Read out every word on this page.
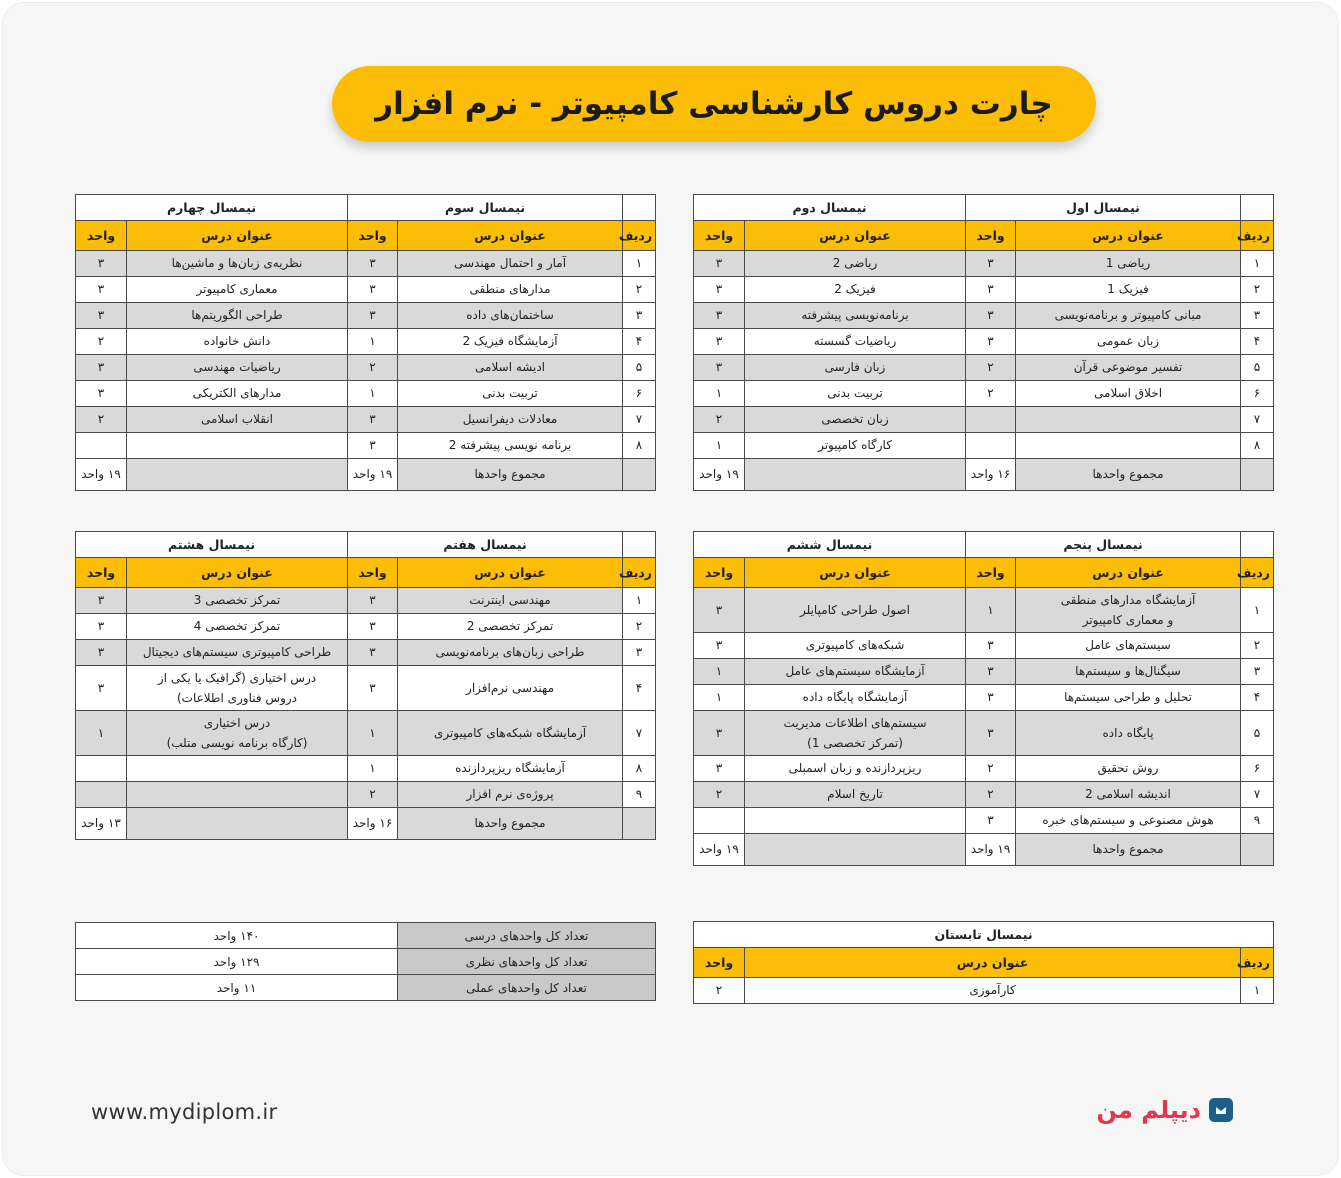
چارت دروس کارشناسی کامپیوتر - نرم افزار
	نیمسال اول		نیمسال دوم	
ردیف	عنوان درس	واحد	عنوان درس	واحد
۱	ریاضی 1	۳	ریاضی 2	۳
۲	فیزیک 1	۳	فیزیک 2	۳
۳	مبانی کامپیوتر و برنامه‌نویسی	۳	برنامه‌نویسی پیشرفته	۳
۴	زبان عمومی	۳	ریاضیات گسسته	۳
۵	تفسیر موضوعی قرآن	۲	زبان فارسی	۳
۶	اخلاق اسلامی	۲	تربیت بدنی	۱
۷			زبان تخصصی	۲
۸			کارگاه کامپیوتر	۱
	مجموع واحدها	۱۶ واحد		۱۹ واحد
	نیمسال سوم		نیمسال چهارم	
ردیف	عنوان درس	واحد	عنوان درس	واحد
۱	آمار و احتمال مهندسی	۳	نظریه‌ی زبان‌ها و ماشین‌ها	۳
۲	مدارهای منطقی	۳	معماری کامپیوتر	۳
۳	ساختمان‌های داده	۳	طراحی الگوریتم‌ها	۳
۴	آزمایشگاه فیزیک 2	۱	دانش خانواده	۲
۵	ادیشه اسلامی	۲	ریاضیات مهندسی	۳
۶	تربیت بدنی	۱	مدارهای الکتریکی	۳
۷	معادلات دیفرانسیل	۳	انقلاب اسلامی	۲
۸	برنامه نویسی پیشرفته 2	۳		
	مجموع واحدها	۱۹ واحد		۱۹ واحد
	نیمسال پنجم		نیمسال ششم	
ردیف	عنوان درس	واحد	عنوان درس	واحد
۱	آزمایشگاه مدارهای منطقی
و معماری کامپیوتر	۱	اصول طراحی کامپایلر	۳
۲	سیستم‌های عامل	۳	شبکه‌های کامپیوتری	۳
۳	سیگنال‌ها و سیستم‌ها	۳	آزمایشگاه سیستم‌های عامل	۱
۴	تحلیل و طراحی سیستم‌ها	۳	آزمایشگاه پایگاه داده	۱
۵	پایگاه داده	۳	سیستم‌های اطلاعات مدیریت
(تمرکز تخصصی 1)	۳
۶	روش تحقیق	۲	ریزپردازنده و زبان اسمبلی	۳
۷	اندیشه اسلامی 2	۲	تاریخ اسلام	۲
۹	هوش مصنوعی و سیستم‌های خبره	۳		
	مجموع واحدها	۱۹ واحد		۱۹ واحد
	نیمسال هفتم		نیمسال هشتم	
ردیف	عنوان درس	واحد	عنوان درس	واحد
۱	مهندسی اینترنت	۳	تمرکز تخصصی 3	۳
۲	تمرکز تخصصی 2	۳	تمرکز تخصصی 4	۳
۳	طراحی زبان‌های برنامه‌نویسی	۳	طراحی کامپیوتری سیستم‌های دیجیتال	۳
۴	مهندسی نرم‌افزار	۳	درس اختیاری (گرافیک یا یکی از
دروس فناوری اطلاعات)	۳
۷	آزمایشگاه شبکه‌های کامپیوتری	۱	درس اختیاری
(کارگاه برنامه نویسی متلب)	۱
۸	آزمایشگاه ریزپردازنده	۱		
۹	پروژه‌ی نرم افزار	۲		
	مجموع واحدها	۱۶ واحد		۱۳ واحد
نیمسال تابستان		
ردیف	عنوان درس	واحد
۱	کارآموزی	۲
تعداد کل واحدهای درسی	۱۴۰ واحد
تعداد کل واحدهای نظری	۱۲۹ واحد
تعداد کل واحدهای عملی	۱۱ واحد
www.mydiplom.ir	دیپلم من
